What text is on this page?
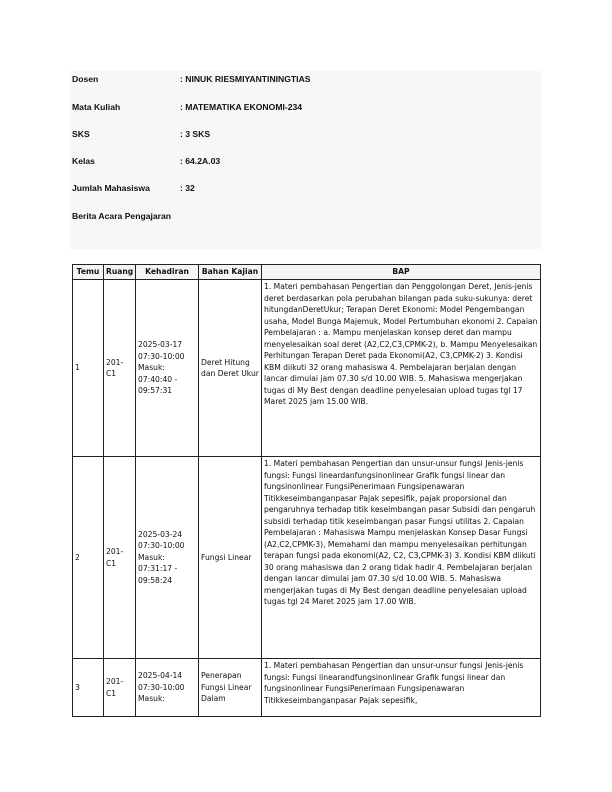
Dosen	: NINUK RIESMIYANTININGTIAS
Mata Kuliah	: MATEMATIKA EKONOMI-234
SKS	: 3 SKS
Kelas	: 64.2A.03
Jumlah Mahasiswa	: 32
Berita Acara Pengajaran
Temu	Ruang	Kehadiran	Bahan Kajian	BAP
1	201-C1	2025-03-17 07:30-10:00 Masuk: 07:40:40 - 09:57:31	Deret Hitung dan Deret Ukur	1. Materi pembahasan Pengertian dan Penggolongan Deret, Jenis-jenis deret berdasarkan pola perubahan bilangan pada suku-sukunya: deret hitungdanDeretUkur; Terapan Deret Ekonomi: Model Pengembangan usaha, Model Bunga Majemuk, Model Pertumbuhan ekonomi 2. Capaian Pembelajaran : a. Mampu menjelaskan konsep deret dan mampu menyelesaikan soal deret (A2,C2,C3,CPMK-2), b. Mampu Menyelesaikan Perhitungan Terapan Deret pada Ekonomi(A2, C3,CPMK-2) 3. Kondisi KBM diikuti 32 orang mahasiswa 4. Pembelajaran berjalan dengan lancar dimulai jam 07.30 s/d 10.00 WIB. 5. Mahasiswa mengerjakan tugas di My Best dengan deadline penyelesaian upload tugas tgl 17 Maret 2025 jam 15.00 WIB.
2	201-C1	2025-03-24 07:30-10:00 Masuk: 07:31:17 - 09:58:24	Fungsi Linear	1. Materi pembahasan Pengertian dan unsur-unsur fungsi Jenis-jenis fungsi: Fungsi lineardanfungsinonlinear Grafik fungsi linear dan fungsinonlinear FungsiPenerimaan Fungsipenawaran Titikkeseimbanganpasar Pajak sepesifik, pajak proporsional dan pengaruhnya terhadap titik keseimbangan pasar Subsidi dan pengaruh subsidi terhadap titik keseimbangan pasar Fungsi utilitas 2. Capaian Pembelajaran : Mahasiswa Mampu menjelaskan Konsep Dasar Fungsi (A2,C2,CPMK-3), Memahami dan mampu menyelesaikan perhitungan terapan fungsi pada ekonomi(A2, C2, C3,CPMK-3) 3. Kondisi KBM diikuti 30 orang mahasiswa dan 2 orang tidak hadir 4. Pembelajaran berjalan dengan lancar dimulai jam 07.30 s/d 10.00 WIB. 5. Mahasiswa mengerjakan tugas di My Best dengan deadline penyelesaian upload tugas tgl 24 Maret 2025 jam 17.00 WIB.
3	201-C1	2025-04-14 07:30-10:00 Masuk:	Penerapan Fungsi Linear Dalam	1. Materi pembahasan Pengertian dan unsur-unsur fungsi Jenis-jenis fungsi: Fungsi linearandfungsinonlinear Grafik fungsi linear dan fungsinonlinear FungsiPenerimaan Fungsipenawaran Titikkeseimbanganpasar Pajak sepesifik,
